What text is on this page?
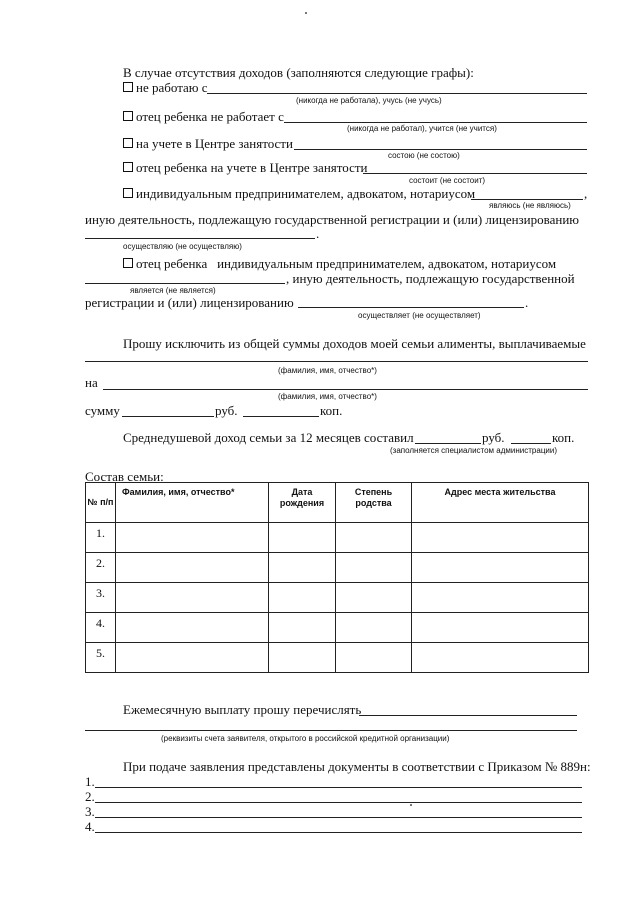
В случае отсутствия доходов (заполняются следующие графы):
не работаю с
(никогда не работала), учусь (не учусь)
отец ребенка не работает с
(никогда не работал), учится (не учится)
на учете в Центре занятости
состою (не состою)
отец ребенка на учете в Центре занятости
состоит (не состоит)
индивидуальным предпринимателем, адвокатом, нотариусом	,
являюсь (не являюсь)
иную деятельность, подлежащую государственной регистрации и (или) лицензированию
.
осуществляю (не осуществляю)
отец ребенка   индивидуальным предпринимателем, адвокатом, нотариусом
, иную деятельность, подлежащую государственной
является (не является)
регистрации и (или) лицензированию	.
осуществляет (не осуществляет)
Прошу исключить из общей суммы доходов моей семьи алименты, выплачиваемые
(фамилия, имя, отчество*)
на
(фамилия, имя, отчество*)
сумму	руб.	коп.
Среднедушевой доход семьи за 12 месяцев составил	руб.	коп.
(заполняется специалистом администрации)
Состав семьи:
№ п/п	Фамилия, имя, отчество*	Дата рождения	Степень родства	Адрес места жительства
1.				
2.				
3.				
4.				
5.				
Ежемесячную выплату прошу перечислять
(реквизиты счета заявителя, открытого в российской кредитной организации)
При подаче заявления представлены документы в соответствии с Приказом № 889н:
1.
2.
3.
4.
